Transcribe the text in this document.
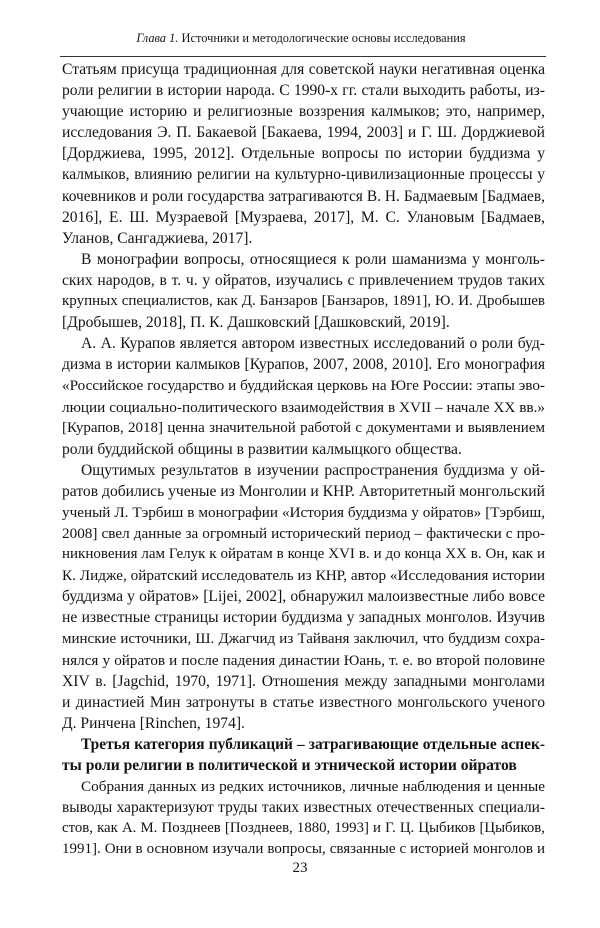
Глава 1. Источники и методологические основы исследования
Статьям присуща традиционная для советской науки негативная оценка
роли религии в истории народа. С 1990-х гг. стали выходить работы, из-
учающие историю и религиозные воззрения калмыков; это, например,
исследования Э. П. Бакаевой [Бакаева, 1994, 2003] и Г. Ш. Дорджиевой
[Дорджиева, 1995, 2012]. Отдельные вопросы по истории буддизма у
калмыков, влиянию религии на культурно-цивилизационные процессы у
кочевников и роли государства затрагиваются В. Н. Бадмаевым [Бадмаев,
2016], Е. Ш. Музраевой [Музраева, 2017], М. С. Улановым [Бадмаев,
Уланов, Сангаджиева, 2017].
В монографии вопросы, относящиеся к роли шаманизма у монголь-
ских народов, в т. ч. у ойратов, изучались с привлечением трудов таких
крупных специалистов, как Д. Банзаров [Банзаров, 1891], Ю. И. Дробышев
[Дробышев, 2018], П. К. Дашковский [Дашковский, 2019].
А. А. Курапов является автором известных исследований о роли буд-
дизма в истории калмыков [Курапов, 2007, 2008, 2010]. Его монография
«Российское государство и буддийская церковь на Юге России: этапы эво-
люции социально-политического взаимодействия в XVII – начале XX вв.»
[Курапов, 2018] ценна значительной работой с документами и выявлением
роли буддийской общины в развитии калмыцкого общества.
Ощутимых результатов в изучении распространения буддизма у ой-
ратов добились ученые из Монголии и КНР. Авторитетный монгольский
ученый Л. Тэрбиш в монографии «История буддизма у ойратов» [Тэрбиш,
2008] свел данные за огромный исторический период – фактически с про-
никновения лам Гелук к ойратам в конце XVI в. и до конца XX в. Он, как и
К. Лидже, ойратский исследователь из КНР, автор «Исследования истории
буддизма у ойратов» [Lijei, 2002], обнаружил малоизвестные либо вовсе
не известные страницы истории буддизма у западных монголов. Изучив
минские источники, Ш. Джагчид из Тайваня заключил, что буддизм сохра-
нялся у ойратов и после падения династии Юань, т. е. во второй половине
XIV в. [Jagchid, 1970, 1971]. Отношения между западными монголами
и династией Мин затронуты в статье известного монгольского ученого
Д. Ринчена [Rinchen, 1974].
Третья категория публикаций – затрагивающие отдельные аспек-
ты роли религии в политической и этнической истории ойратов
Собрания данных из редких источников, личные наблюдения и ценные
выводы характеризуют труды таких известных отечественных специали-
стов, как А. М. Позднеев [Позднеев, 1880, 1993] и Г. Ц. Цыбиков [Цыбиков,
1991]. Они в основном изучали вопросы, связанные с историей монголов и
23
